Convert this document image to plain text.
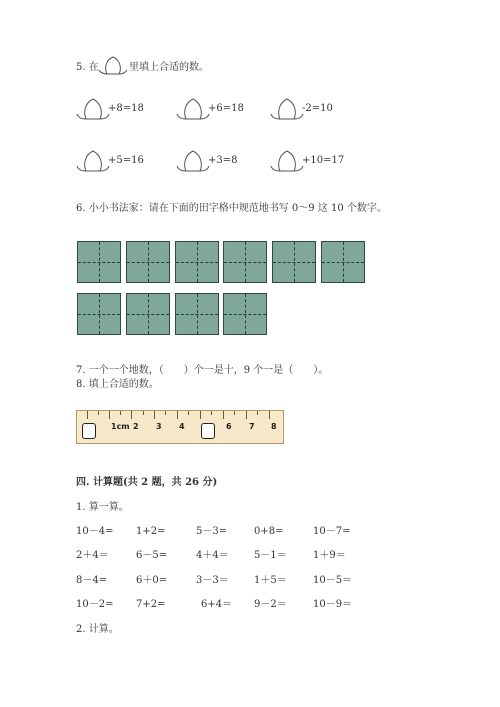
5. 在	里填上合适的数。
+8=18	+6=18	-2=10
+5=16	+3=8	+10=17
6. 小小书法家：请在下面的田字格中规范地书写 0～9 这 10 个数字。
7. 一个一个地数，（　　）个一是十，9 个一是（　　）。
8. 填上合适的数。
1cm 2 3 4	6 7 8
四. 计算题(共 2 题，共 26 分)
1. 算一算。
10－4= 1+2=	5－3=	0+8=	10－7=
2＋4＝	6－5=	4＋4＝	5－1＝	1＋9＝
8－4=	6＋0=	3－3＝	1＋5＝	10－5＝
10－2= 7+2=	6+4＝ 9－2＝	10－9＝
2. 计算。
